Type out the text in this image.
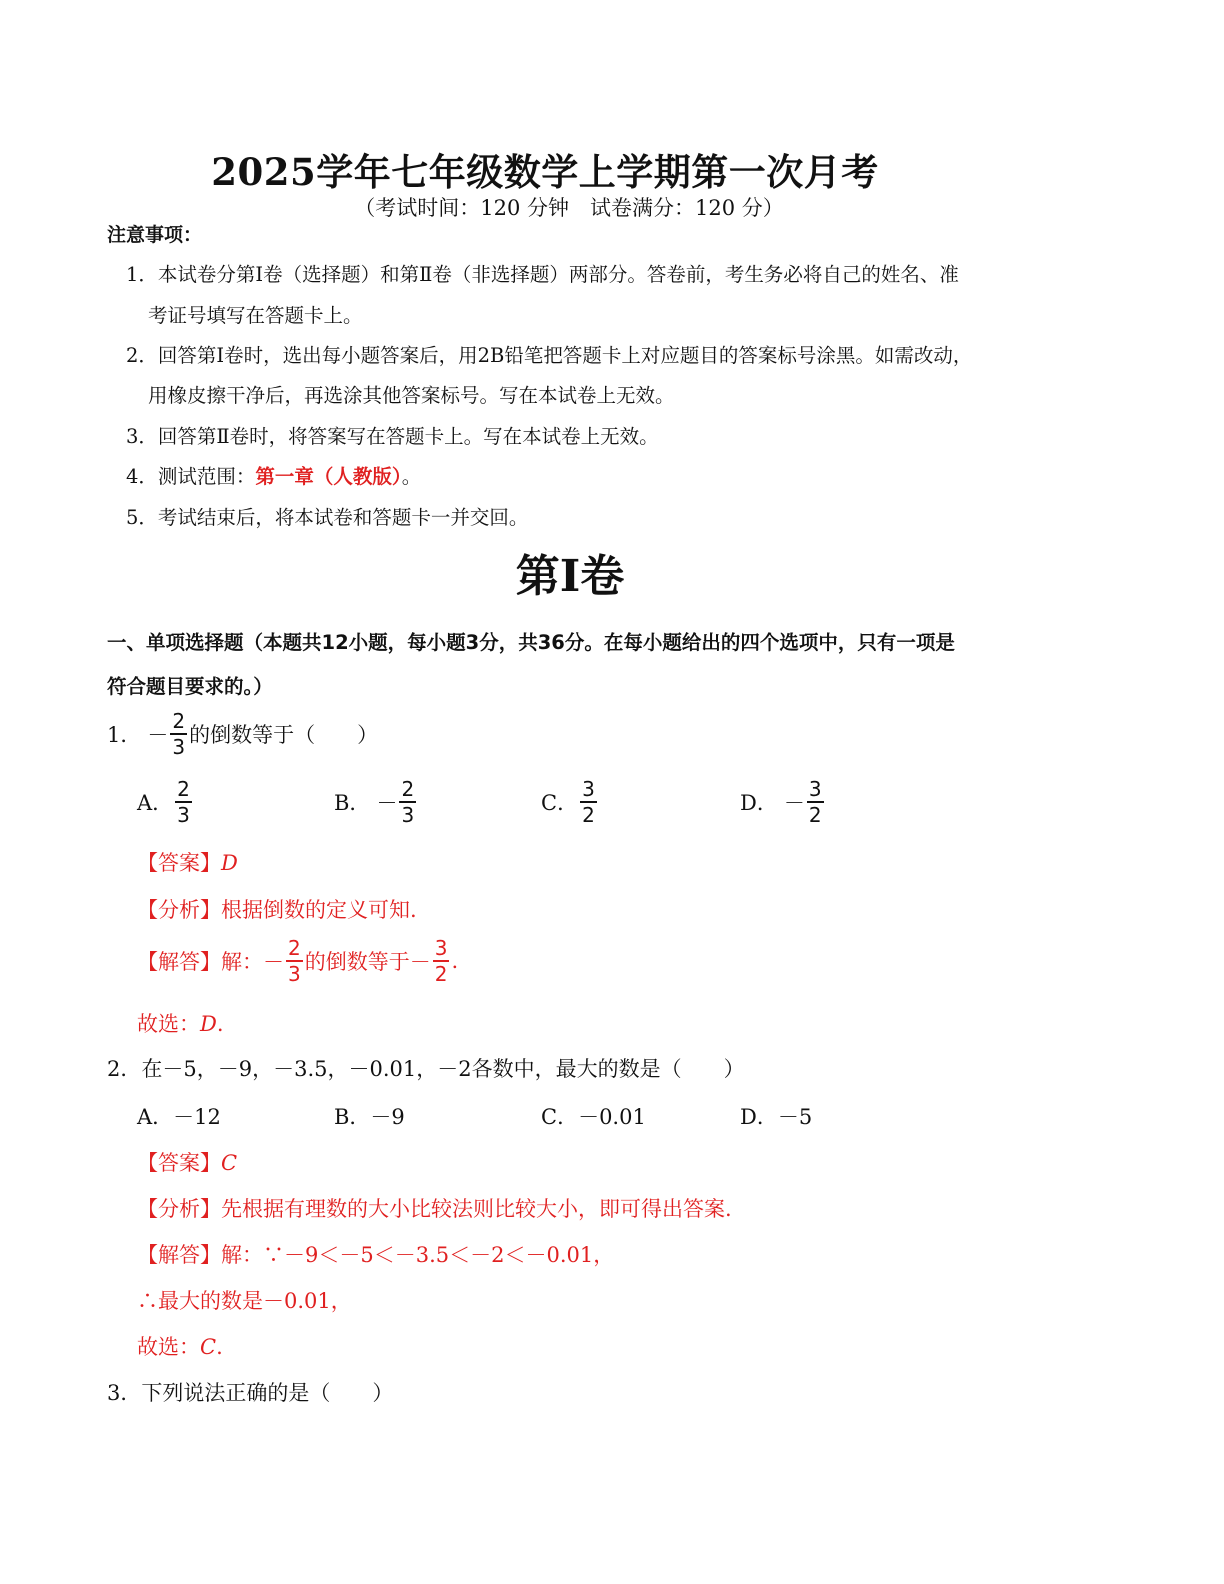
2025学年七年级数学上学期第一次月考
（考试时间：120 分钟　试卷满分：120 分）
注意事项：
1．本试卷分第Ⅰ卷（选择题）和第Ⅱ卷（非选择题）两部分。答卷前，考生务必将自己的姓名、准
考证号填写在答题卡上。
2．回答第Ⅰ卷时，选出每小题答案后，用2B铅笔把答题卡上对应题目的答案标号涂黑。如需改动，
用橡皮擦干净后，再选涂其他答案标号。写在本试卷上无效。
3．回答第Ⅱ卷时，将答案写在答题卡上。写在本试卷上无效。
4．测试范围：第一章（人教版）。
5．考试结束后，将本试卷和答题卡一并交回。
第Ⅰ卷
一、单项选择题（本题共12小题，每小题3分，共36分。在每小题给出的四个选项中，只有一项是
符合题目要求的。）
1． － $\frac{2}{3}$ 的倒数等于（　　）
A． $\frac{2}{3}$	B． － $\frac{2}{3}$	C． $\frac{3}{2}$	D． － $\frac{3}{2}$
【答案】D
【分析】根据倒数的定义可知.
【解答】 解：－ $\frac{2}{3}$ 的倒数等于－ $\frac{3}{2}$ .
故选：D.
2．在－5，－9，－3.5，－0.01，－2各数中，最大的数是（　　）
A．－12	B．－9	C．－0.01	D．－5
【答案】C
【分析】先根据有理数的大小比较法则比较大小，即可得出答案.
【解答】解：∵－9＜－5＜－3.5＜－2＜－0.01，
∴最大的数是－0.01，
故选：C.
3．下列说法正确的是（　　）
